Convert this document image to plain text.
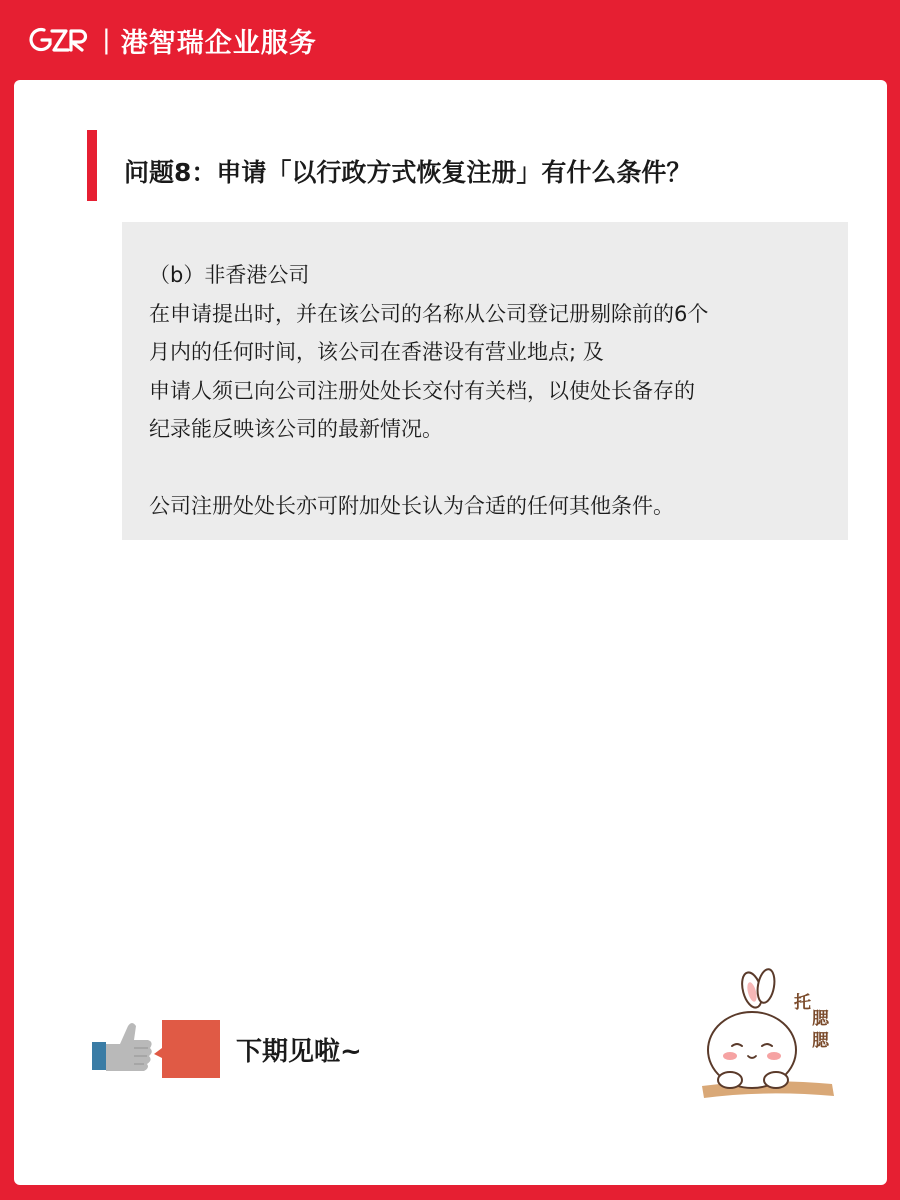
| 港智瑞企业服务
问题8：申请「以行政方式恢复注册」有什么条件？

（b）非香港公司

在申请提出时，并在该公司的名称从公司登记册剔除前的6个

月内的任何时间，该公司在香港设有营业地点; 及

申请人须已向公司注册处处长交付有关档，以使处长备存的

纪录能反映该公司的最新情况。

公司注册处处长亦可附加处长认为合适的任何其他条件。

下期见啦~
托
腮
腮
